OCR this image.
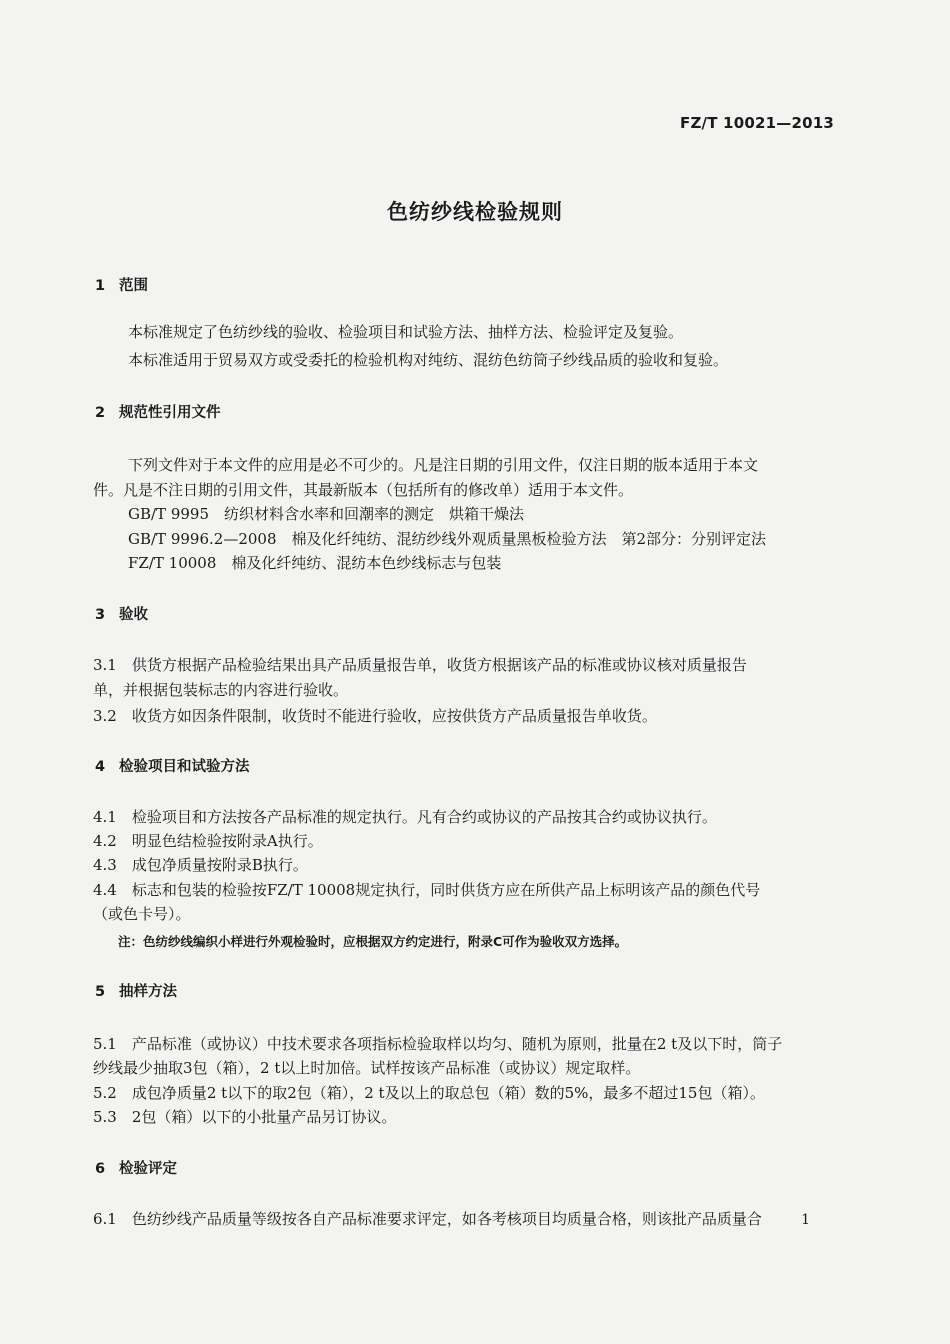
FZ/T 10021—2013
色纺纱线检验规则
1 范围
本标准规定了色纺纱线的验收、检验项目和试验方法、抽样方法、检验评定及复验。
本标准适用于贸易双方或受委托的检验机构对纯纺、混纺色纺筒子纱线品质的验收和复验。
2 规范性引用文件
下列文件对于本文件的应用是必不可少的。凡是注日期的引用文件，仅注日期的版本适用于本文
件。凡是不注日期的引用文件，其最新版本（包括所有的修改单）适用于本文件。
GB/T 9995　纺织材料含水率和回潮率的测定　烘箱干燥法
GB/T 9996.2—2008　棉及化纤纯纺、混纺纱线外观质量黑板检验方法　第2部分：分别评定法
FZ/T 10008　棉及化纤纯纺、混纺本色纱线标志与包装
3 验收
3.1　供货方根据产品检验结果出具产品质量报告单，收货方根据该产品的标准或协议核对质量报告
单，并根据包装标志的内容进行验收。
3.2　收货方如因条件限制，收货时不能进行验收，应按供货方产品质量报告单收货。
4 检验项目和试验方法
4.1　检验项目和方法按各产品标准的规定执行。凡有合约或协议的产品按其合约或协议执行。
4.2　明显色结检验按附录A执行。
4.3　成包净质量按附录B执行。
4.4　标志和包装的检验按FZ/T 10008规定执行，同时供货方应在所供产品上标明该产品的颜色代号
（或色卡号）。
注：色纺纱线编织小样进行外观检验时，应根据双方约定进行，附录C可作为验收双方选择。
5 抽样方法
5.1　产品标准（或协议）中技术要求各项指标检验取样以均匀、随机为原则，批量在2 t及以下时，筒子
纱线最少抽取3包（箱），2 t以上时加倍。试样按该产品标准（或协议）规定取样。
5.2　成包净质量2 t以下的取2包（箱），2 t及以上的取总包（箱）数的5%，最多不超过15包（箱）。
5.3　2包（箱）以下的小批量产品另订协议。
6 检验评定
6.1　色纺纱线产品质量等级按各自产品标准要求评定，如各考核项目均质量合格，则该批产品质量合	1
